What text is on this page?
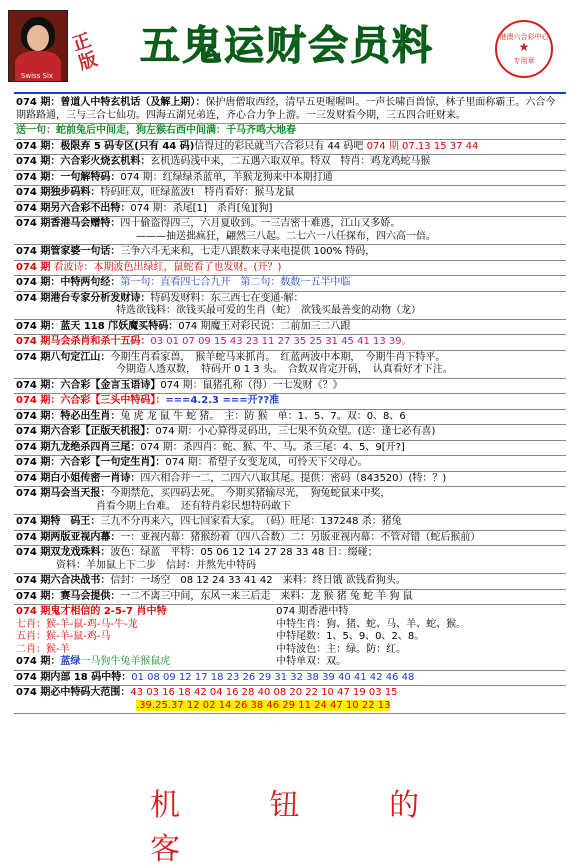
Swiss Six
正版 五鬼运财会员料	港澳六合彩中心
★
专用章
074 期：曾道人中特玄机话（及解上期）：保护唐僧取西经，清早五更喔喔叫。一声长啸百兽惊，林子里面称霸王。六合今期路路通，三与三合七仙功。四海五湖兄弟连，齐心合力争上游。一三发财看今期，三五四合旺财来。
送一句：蛇前兔后中间走，狗左猴右西中间满：千马齐鸣大地春
074 期：极限弃 5 码专区(只有 44 码)信得过的彩民就当六合彩只有 44 码吧 074 期 07.13 15 37 44
074 期：六合彩火烧玄机料：玄机选码浅中来，二五遇六取双单。特双　特肖：鸡龙鸡蛇马猴
074 期：一句解特码：074 期：红绿绿杀蓝单，羊猴龙狗来中本期打通
074 期独步码料：特码旺双，旺绿蓝波!　特肖看好：猴马龙鼠
074 期另六合彩不出特：074 期：杀尾[1]　杀肖[兔][狗]
074 期香港马会赠特：四十偷盗得四三，六月夏收到。一三吉密十难逃，江山又多娇。
———抽送拙疯狂，翩然三八起。二七六一八任探布，四六高一倍。
074 期管家婆一句话：三争六斗无来和，七走八跟数来寻来电提供 100% 特码，
074 期 看波诗：本期波色出绿红，鼠蛇看了也发财。(开？)
074 期：中特两句经：第一句：直看四七合九开　第二句：数数一五半中临
074 期港台专家分析发财诗：特码发财料：东三西七在变通·解：
特选欲钱料：欲钱买最可爱的生肖（蛇）　欲钱买最善变的动物（龙）
074 期：蓝天 118 邝妖魔买特码：074 期魔王对彩民说：二前加三二八跟
074 期马会杀肖和杀十五码：03 01 07 09 15 43 23 11 27 35 25 31 45 41 13 39。
074 期八句定江山：今期生肖看家兽，　猴羊蛇马来抓肖。　红蓝两波中本期，　今期牛肖下特平。
今期造人透双数，　特码开 0 1 3 头。　合数双肯定开码，　认真看好才下注。
074 期：六合彩【金言玉语诗】074 期：鼠猪孔称（得）一七发财《？》
074 期：六合彩【三头中特码】：===4.2.3 ===开??准
074 期：特必出生肖：兔 虎 龙 鼠 牛 蛇 猪。　主：防 猴　单：1、5、7。双：0、8、6
074 期六合彩【正版天机报】：074 期：小心算得灵码出，三七果不负众望。(送：逢七必有喜)
074 期九龙绝杀四肖三尾：074 期：杀四肖：蛇、猴、牛、马。杀三尾：4、5、9[开?]
074 期：六合彩【一句定生肖】：074 期：希望子女变龙凤，可怜天下父母心。
074 期白小姐传密一肖诗：四六相合并一二，二四六八取其尾。提供：密码（843520）(特：？)
074 期马会当天报：今期禁危，买四码去死。　今期买猪输尽光，　狗兔蛇鼠来中奖，
肖看今期上台难。　还有特肖彩民想特码敢下
074 期特　码王：三九不分再来六，四七回家看大家。　（码）旺尾：137248 杀：猪兔
074 期两版亚视内幕：一：亚视内幕：猪猴纷着（四八合数）二：另版亚视内幕：不管对错（蛇后猴前）
074 期双龙戏珠料：波色：绿蓝　平特：05 06 12 14 27 28 33 48 日：缀碰；
资料：羊加鼠上下二步　信封：并熬先中特码
074 期六合决战书：信封：一场空　08 12 24 33 41 42　来料：终日饿 欲钱看狗头。
074 期：赛马会提供：一二不离三中间，东风一来三后走　来料：龙 猴 猪 兔 蛇 羊 狗 鼠
074 期鬼才相信的 2-5-7 肖中特
七肖：猴-羊-鼠-鸡-马-牛-龙
五肖：猴-羊-鼠-鸡-马
二肖：猴-羊
074 期：蓝绿一马狗牛兔羊猴鼠虎
074 期香港中特
中特生肖：狗、猪、蛇、马、羊、蛇、猴。
中特尾数：1、5、9、0、2、8。
中特波色：主：绿。防：红。
中特单双：双。
074 期内部 18 码中特：01 08 09 12 17 18 23 26 29 31 32 38 39 40 41 42 46 48
074 期必中特码大范围：43 03 16 18 42 04 16 28 40 08 20 22 10 47 19 03 15
.39.25.37 12 02 14 26 38 46 29 11 24 47 10 22 13
机 钮 的 客
